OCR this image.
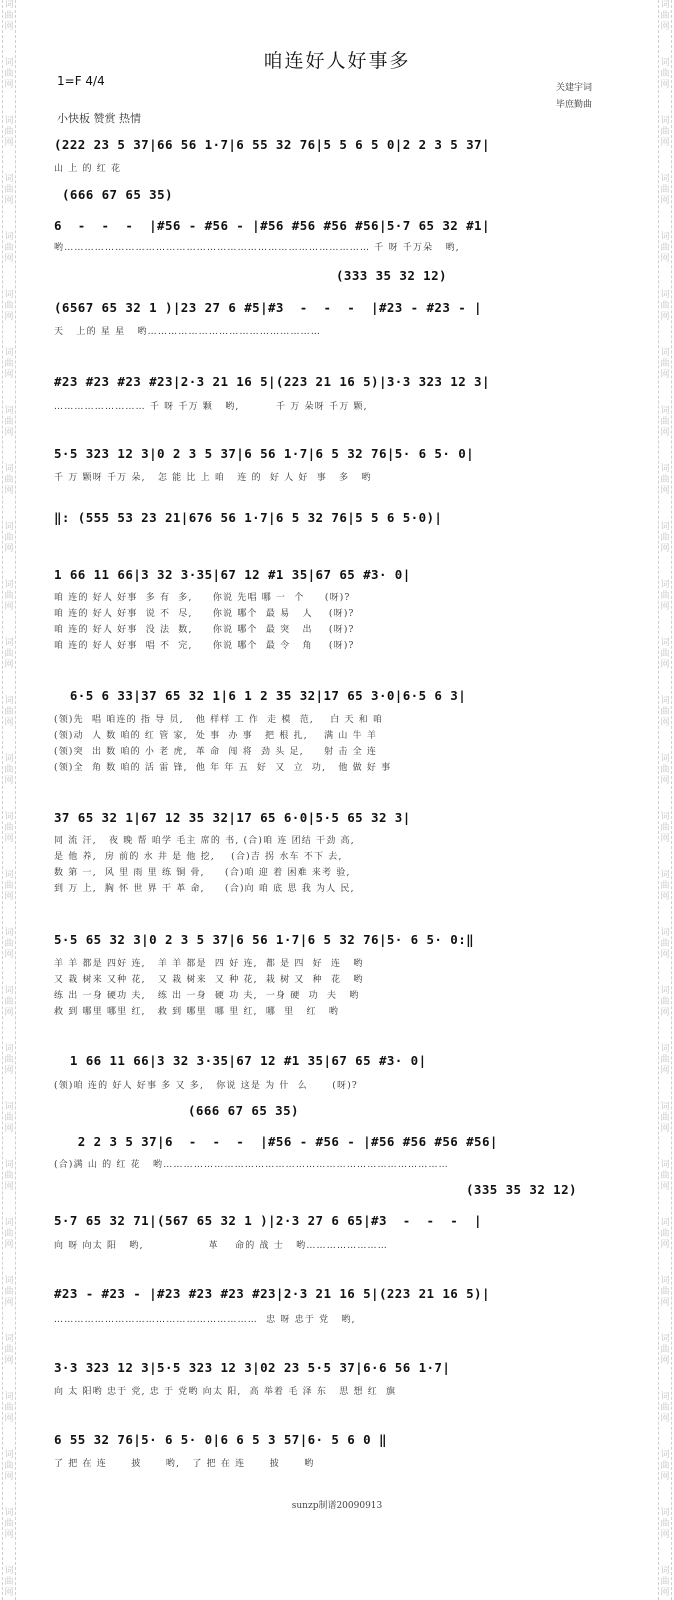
词曲网
词曲网
词曲网
词曲网
词曲网
词曲网
词曲网
词曲网
词曲网
词曲网
词曲网
词曲网
词曲网
词曲网
词曲网
词曲网
词曲网
词曲网
词曲网
词曲网
词曲网
词曲网
词曲网
词曲网
词曲网
词曲网
词曲网
词曲网
词曲网
词曲网
词曲网
词曲网
词曲网
词曲网
词曲网
词曲网
词曲网
词曲网
词曲网
词曲网
词曲网
词曲网
词曲网
词曲网
词曲网
词曲网
词曲网
词曲网
词曲网
词曲网
词曲网
词曲网
词曲网
词曲网
词曲网
词曲网
咱连好人好事多
1=F 4/4	关建宇词
毕庶勤曲
小快板 赞赏 热情
(222 23 5 37|66 56 1·7|6 55 32 76|5 5 6 5 0|2 2 3 5 37|
山 上 的 红 花
(666 67 65 35)
6  -  -  -  |#56 - #56 - |#56 #56 #56 #56|5·7 65 32 #1|
哟……………………………………………………………………………… 千 呀 千万朵   哟,
(333 35 32 12)
(6567 65 32 1 )|23 27 6 #5|#3  -  -  -  |#23 - #23 - |
天   上的 星 星   哟……………………………………………
#23 #23 #23 #23|2·3 21 16 5|(223 21 16 5)|3·3 323 12 3|
……………………… 千 呀 千万 颗   哟,         千 万 朵呀 千万 颗,
5·5 323 12 3|0 2 3 5 37|6 56 1·7|6 5 32 76|5· 6 5· 0|
千 万 颗呀 千万 朵,   怎 能 比 上 咱   连 的  好 人 好  事   多   哟
‖: (555 53 23 21|676 56 1·7|6 5 32 76|5 5 6 5·0)|
1 66 11 66|3 32 3·35|67 12 #1 35|67 65 #3· 0|
咱 连的 好人 好事  多 有  多,     你说 先唱 哪 一  个     (呀)?
咱 连的 好人 好事  说 不  尽,     你说 哪个  最 易   人    (呀)?
咱 连的 好人 好事  没 法  数,     你说 哪个  最 突   出    (呀)?
咱 连的 好人 好事  唱 不  完,     你说 哪个  最 令   角    (呀)?
6·5 6 33|37 65 32 1|6 1 2 35 32|17 65 3·0|6·5 6 3|
(领)先  唱 咱连的 指 导 员,   他 样样 工 作  走 模  范,    白 天 和 咱
(领)动  人 数 咱的 红 管 家,  处 事  办 事   把 根 扎,    满 山 牛 羊
(领)突  出 数 咱的 小 老 虎,  革 命  闯 将  劲 头 足,     射 击 全 连
(领)全  角 数 咱的 活 雷 锋,  他 年 年 五  好  又  立  功,   他 做 好 事
37 65 32 1|67 12 35 32|17 65 6·0|5·5 65 32 3|
同 流 汗,   夜 晚 帮 咱学 毛主 席的 书, (合)咱 连 团结 干劲 高,
是 他 养,  房 前的 水 井 是 他 挖,    (合)吉 拐 水车 不下 去,
数 第 一,  风 里 雨 里 练 铜 骨,     (合)咱 迎 着 困难 来考 验,
到 万 上,  胸 怀 世 界 干 革 命,     (合)向 咱 底 思 我 为人 民,
5·5 65 32 3|0 2 3 5 37|6 56 1·7|6 5 32 76|5· 6 5· 0:‖
羊 羊 都是 四好 连,   羊 羊 都是  四 好 连,  都 是 四  好  连   哟
又 栽 树来 又种 花,   又 栽 树来  又 种 花,  栽 树 又  种  花   哟
练 出 一身 硬功 夫,   练 出 一身  硬 功 夫,  一身 硬  功  夫   哟
救 到 哪里 哪里 红,   救 到 哪里  哪 里 红,  哪  里   红   哟
1 66 11 66|3 32 3·35|67 12 #1 35|67 65 #3· 0|
(领)咱 连的 好人 好事 多 又 多,   你说 这是 为 什  么      (呀)?
(666 67 65 35)
2 2 3 5 37|6  -  -  -  |#56 - #56 - |#56 #56 #56 #56|
(合)满 山 的 红 花   哟…………………………………………………………………………
(335 35 32 12)
5·7 65 32 71|(567 65 32 1 )|2·3 27 6 65|#3  -  -  -  |
向 呀 向太 阳   哟,                革    命的 战 士   哟……………………
#23 - #23 - |#23 #23 #23 #23|2·3 21 16 5|(223 21 16 5)|
……………………………………………………  忠 呀 忠于 党   哟,
3·3 323 12 3|5·5 323 12 3|02 23 5·5 37|6·6 56 1·7|
向 太 阳哟 忠于 党, 忠 于 党哟 向太 阳,  高 举着 毛 泽 东   思 想 红  旗
6 55 32 76|5· 6 5· 0|6 6 5 3 57|6· 5 6 0 ‖
了 把 在 连      披      哟,   了 把 在 连      披      哟
sunzp制谱20090913
